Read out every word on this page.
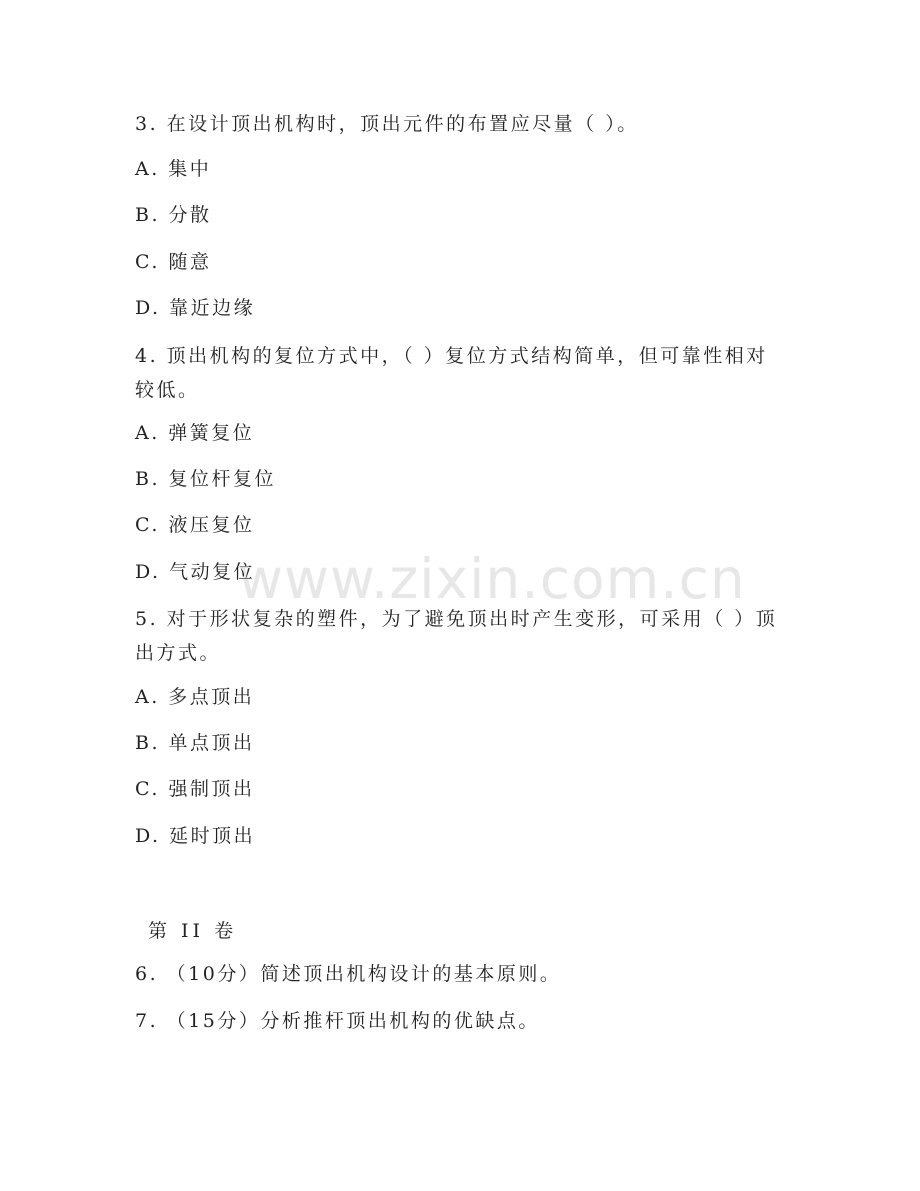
www.zixin.com.cn
3. 在设计顶出机构时，顶出元件的布置应尽量（ ）。
A. 集中
B. 分散
C. 随意
D. 靠近边缘
4. 顶出机构的复位方式中，（ ）复位方式结构简单，但可靠性相对较低。
A. 弹簧复位
B. 复位杆复位
C. 液压复位
D. 气动复位
5. 对于形状复杂的塑件，为了避免顶出时产生变形，可采用（ ）顶出方式。
A. 多点顶出
B. 单点顶出
C. 强制顶出
D. 延时顶出
第 II 卷
6. （10分）简述顶出机构设计的基本原则。
7. （15分）分析推杆顶出机构的优缺点。
